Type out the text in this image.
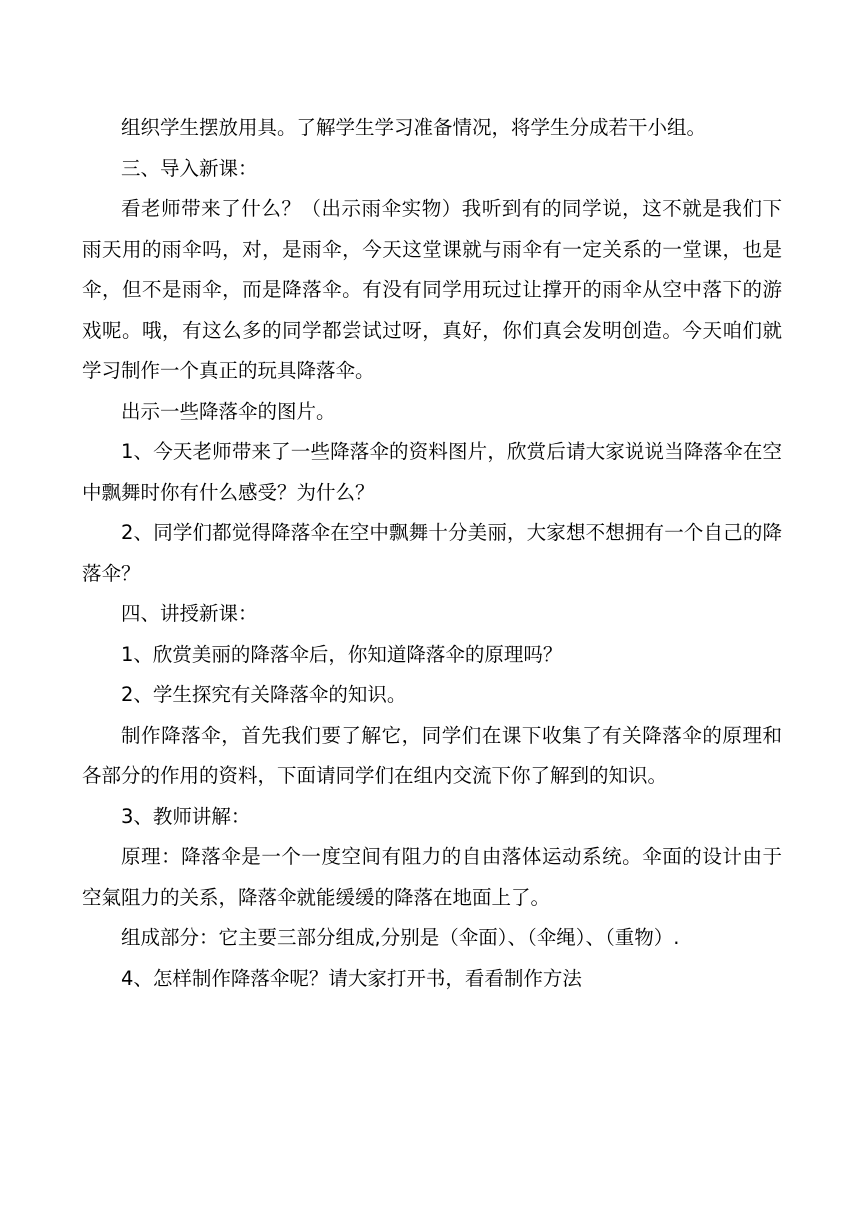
组织学生摆放用具。了解学生学习准备情况，将学生分成若干小组。

三、导入新课：

看老师带来了什么？（出示雨伞实物）我听到有的同学说，这不就是我们下雨天用的雨伞吗，对，是雨伞，今天这堂课就与雨伞有一定关系的一堂课，也是伞，但不是雨伞，而是降落伞。有没有同学用玩过让撑开的雨伞从空中落下的游戏呢。哦，有这么多的同学都尝试过呀，真好，你们真会发明创造。今天咱们就学习制作一个真正的玩具降落伞。

出示一些降落伞的图片。

1、今天老师带来了一些降落伞的资料图片，欣赏后请大家说说当降落伞在空中飘舞时你有什么感受？为什么？

2、同学们都觉得降落伞在空中飘舞十分美丽，大家想不想拥有一个自己的降落伞？

四、讲授新课：

1、欣赏美丽的降落伞后，你知道降落伞的原理吗？

2、学生探究有关降落伞的知识。

制作降落伞，首先我们要了解它，同学们在课下收集了有关降落伞的原理和各部分的作用的资料，下面请同学们在组内交流下你了解到的知识。

3、教师讲解：

原理：降落伞是一个一度空间有阻力的自由落体运动系统。伞面的设计由于空氣阻力的关系，降落伞就能缓缓的降落在地面上了。

组成部分：它主要三部分组成,分别是（伞面）、（伞绳）、（重物）.

4、怎样制作降落伞呢？请大家打开书，看看制作方法
